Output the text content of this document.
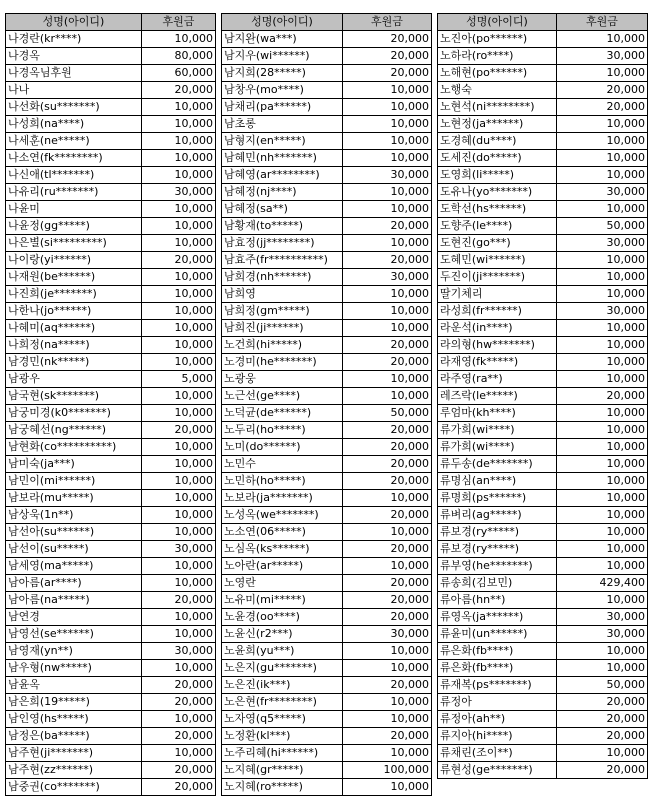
성명(아이디)	후원금
나경란(kr****)	10,000
나경옥	80,000
나경옥님후원	60,000
나나	20,000
나선화(su*******)	10,000
나성희(na****)	10,000
나세훈(ne*****)	10,000
나소연(fk********)	10,000
나신애(tl*******)	10,000
나유리(ru*******)	30,000
나윤미	10,000
나윤정(gg*****)	10,000
나은별(si*********)	10,000
나이랑(yi******)	20,000
나재원(be******)	10,000
나진희(je*******)	10,000
나한나(jo******)	10,000
나혜미(aq******)	10,000
나희정(na*****)	10,000
남경민(nk*****)	10,000
남광우	5,000
남국현(sk*******)	10,000
남궁미경(k0*******)	10,000
남궁혜선(ng******)	20,000
남현화(co**********)	10,000
남미숙(ja***)	10,000
남민이(mi******)	10,000
남보라(mu*****)	10,000
남상욱(1n**)	10,000
남선아(su******)	10,000
남선이(su*****)	30,000
남세영(ma*****)	10,000
남아름(ar****)	10,000
남아름(na*****)	20,000
남연경	10,000
남영선(se******)	10,000
남영재(yn**)	30,000
남우형(nw*****)	10,000
남윤옥	20,000
남은희(19*****)	20,000
남인영(hs*****)	10,000
남정은(ba*****)	20,000
남주현(ji*******)	10,000
남주현(zz******)	20,000
남중권(co*******)	20,000
성명(아이디)	후원금
남지완(wa***)	20,000
남지우(wi******)	20,000
남지희(28*****)	20,000
남창우(mo****)	10,000
남채리(pa******)	10,000
남초롱	10,000
남형지(en*****)	10,000
남혜민(nh*******)	10,000
남혜영(ar********)	30,000
남혜정(nj****)	10,000
남혜정(sa**)	10,000
남황재(to*****)	20,000
남효정(jj********)	10,000
남효주(fr**********)	20,000
남희경(nh******)	30,000
남희영	10,000
남희정(gm*****)	10,000
남희진(ji******)	10,000
노건희(hi*****)	20,000
노경미(he*******)	20,000
노광웅	10,000
노근선(ge****)	10,000
노덕균(de******)	50,000
노두리(ho*****)	20,000
노미(do******)	20,000
노민수	20,000
노민하(ho*****)	20,000
노보라(ja*******)	10,000
노성옥(we*******)	20,000
노소연(06*****)	10,000
노심옥(ks******)	20,000
노아란(ar*****)	10,000
노영란	20,000
노유미(mi*****)	20,000
노윤경(oo****)	20,000
노윤신(r2***)	30,000
노윤희(yu***)	10,000
노은지(gu*******)	10,000
노은진(ik***)	20,000
노은현(fr********)	10,000
노자영(q5*****)	10,000
노정환(kl***)	20,000
노주리혜(hi******)	10,000
노지혜(gr*****)	100,000
노지혜(ro*****)	10,000
성명(아이디)	후원금
노진아(po******)	10,000
노하라(ro****)	30,000
노해현(po******)	10,000
노행숙	20,000
노현석(ni********)	20,000
노현정(ja******)	10,000
도경혜(du****)	10,000
도세진(do*****)	10,000
도영희(li*****)	10,000
도유나(yo*******)	30,000
도학선(hs******)	10,000
도향주(le****)	50,000
도현진(go***)	30,000
도혜민(wi******)	10,000
두진이(ji*******)	10,000
딸기체리	10,000
라성희(fr******)	30,000
라운석(in****)	10,000
라의형(hw*******)	10,000
라재영(fk*****)	10,000
라주영(ra**)	10,000
레즈락(le*****)	20,000
루엄마(kh****)	10,000
류가희(wi****)	10,000
류가희(wi****)	10,000
류두송(de*******)	10,000
류명심(an****)	10,000
류명희(ps******)	10,000
류벼리(ag*****)	10,000
류보경(ry*****)	10,000
류보경(ry*****)	10,000
류부영(he*******)	10,000
류송희(김보민)	429,400
류아름(hn**)	10,000
류영옥(ja******)	30,000
류윤미(un******)	30,000
류은화(fb****)	10,000
류은화(fb****)	10,000
류재복(ps*******)	50,000
류정아	20,000
류정아(ah**)	20,000
류지아(hi****)	20,000
류채린(조이**)	10,000
류현성(ge*******)	20,000
